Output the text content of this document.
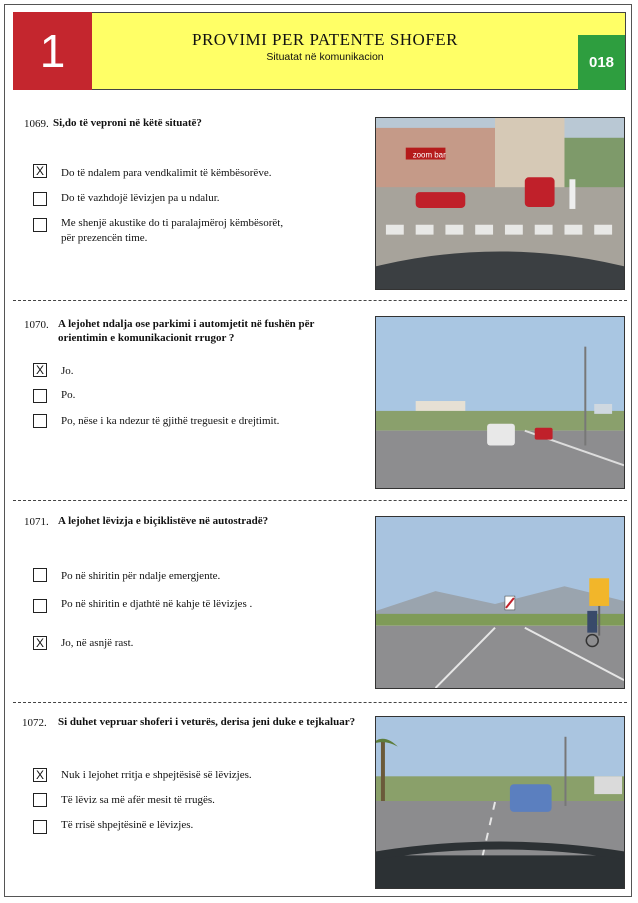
1	PROVIMI PER PATENTE SHOFER
Situatat në komunikacion	018
1069. Si,do të veproni në këtë situatë?
X Do të ndalem para vendkalimit të këmbësorëve.
Do të vazhdojë lëvizjen pa u ndalur.
Me shenjë akustike do ti paralajmëroj këmbësorët,
për prezencën time.
zoom bar
1070. A lejohet ndalja ose parkimi i automjetit në fushën për
orientimin e komunikacionit rrugor ?
X Jo.
Po.
Po, nëse i ka ndezur të gjithë treguesit e drejtimit.
1071. A lejohet lëvizja e biçiklistëve në autostradë?
Po në shiritin për ndalje emergjente.
Po në shiritin e djathtë në kahje të lëvizjes .
X Jo, në asnjë rast.
1072. Si duhet vepruar shoferi i veturës, derisa jeni duke e tejkaluar?
X Nuk i lejohet rritja e shpejtësisë së lëvizjes.
Të lëviz sa më afër mesit të rrugës.
Të rrisë shpejtësinë e lëvizjes.
